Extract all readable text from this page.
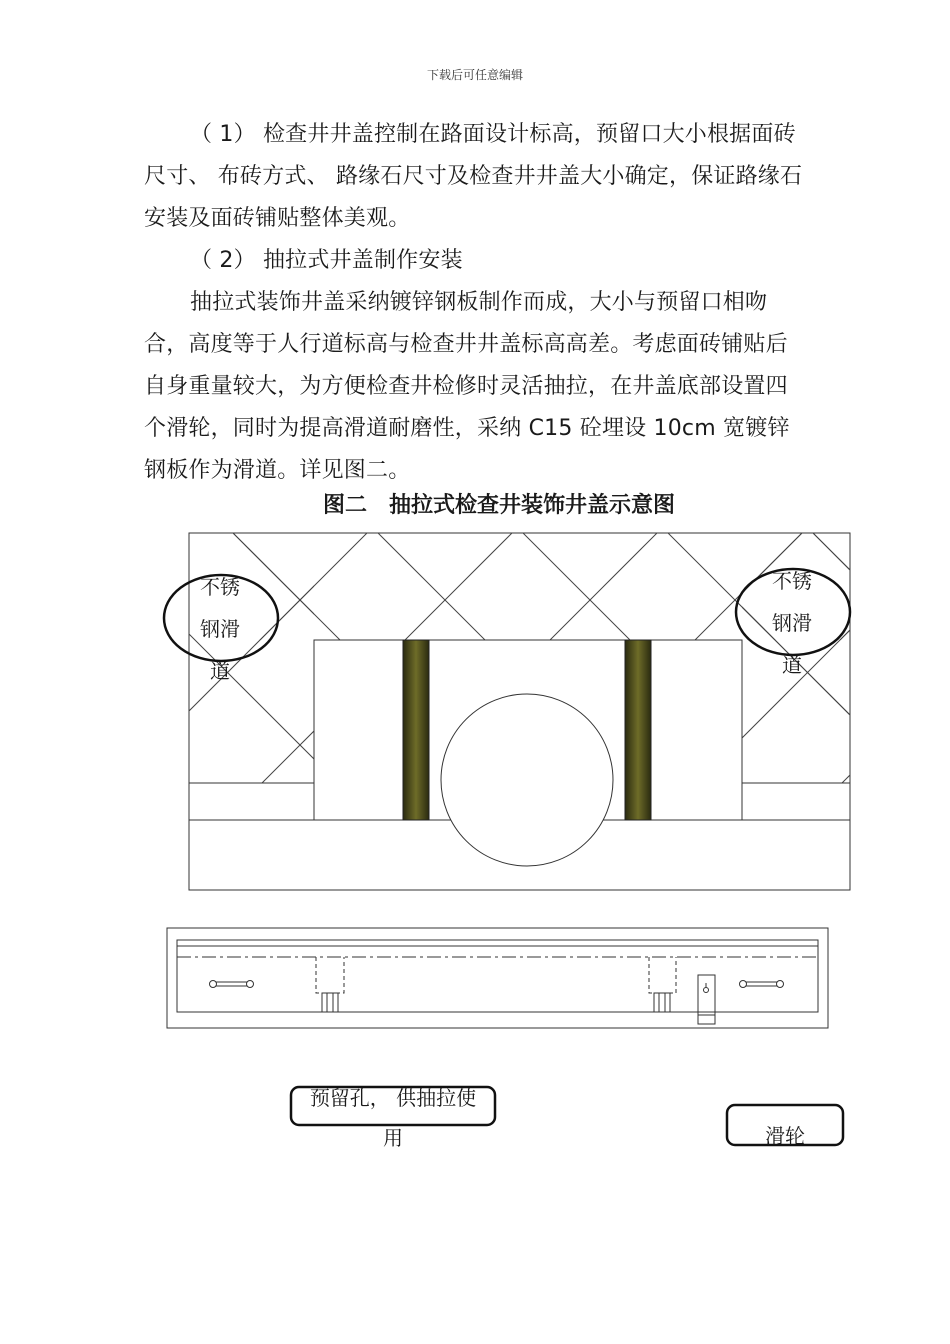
下载后可任意编辑

（ 1） 检查井井盖控制在路面设计标高，预留口大小根据面砖尺寸、 布砖方式、 路缘石尺寸及检查井井盖大小确定，保证路缘石安装及面砖铺贴整体美观。

（ 2） 抽拉式井盖制作安装

抽拉式装饰井盖采纳镀锌钢板制作而成，大小与预留口相吻合，高度等于人行道标高与检查井井盖标高高差。考虑面砖铺贴后自身重量较大，为方便检查井检修时灵活抽拉，在井盖底部设置四个滑轮，同时为提高滑道耐磨性，采纳 C15 砼埋设 10cm 宽镀锌钢板作为滑道。详见图二。

图二　抽拉式检查井装饰井盖示意图
不锈钢滑道
不锈钢滑道
预留孔， 供抽拉使用	滑轮
